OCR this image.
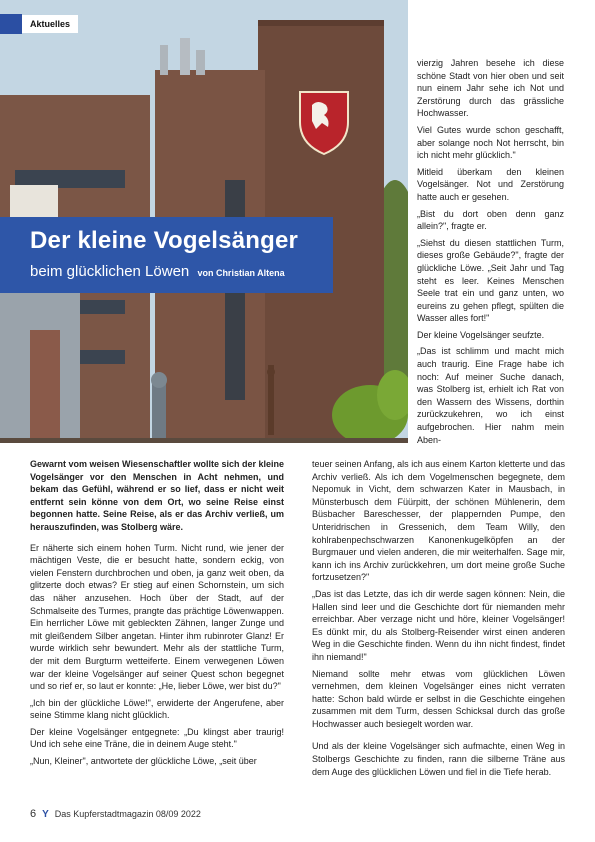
Aktuelles
Der kleine Vogelsänger
beim glücklichen Löwen von Christian Altena

vierzig Jahren besehe ich diese schöne Stadt von hier oben und seit nun einem Jahr sehe ich Not und Zerstörung durch das grässliche Hochwasser.

Viel Gutes wurde schon geschafft, aber solange noch Not herrscht, bin ich nicht mehr glücklich."

Mitleid überkam den kleinen Vogelsänger. Not und Zerstörung hatte auch er gesehen.

„Bist du dort oben denn ganz allein?", fragte er.

„Siehst du diesen stattlichen Turm, dieses große Gebäude?", fragte der glückliche Löwe. „Seit Jahr und Tag steht es leer. Keines Menschen Seele trat ein und ganz unten, wo eureins zu gehen pflegt, spülten die Wasser alles fort!"

Der kleine Vogelsänger seufzte.

„Das ist schlimm und macht mich auch traurig. Eine Frage habe ich noch: Auf meiner Suche danach, was Stolberg ist, erhielt ich Rat von den Wassern des Wissens, dorthin zurückzukehren, wo ich einst aufgebrochen. Hier nahm mein Aben-

Gewarnt vom weisen Wiesenschaftler wollte sich der kleine Vogelsänger vor den Menschen in Acht nehmen, und bekam das Gefühl, während er so lief, dass er nicht weit entfernt sein könne von dem Ort, wo seine Reise einst begonnen hatte. Seine Reise, als er das Archiv verließ, um herauszufinden, was Stolberg wäre.

Er näherte sich einem hohen Turm. Nicht rund, wie jener der mächtigen Veste, die er besucht hatte, sondern eckig, von vielen Fenstern durchbrochen und oben, ja ganz weit oben, da glitzerte doch etwas? Er stieg auf einen Schornstein, um sich das näher anzusehen. Hoch über der Stadt, auf der Schmalseite des Turmes, prangte das prächtige Löwenwappen. Ein herrlicher Löwe mit gebleckten Zähnen, langer Zunge und mit gleißendem Silber angetan. Hinter ihm rubinroter Glanz! Er wurde wirklich sehr bewundert. Mehr als der stattliche Turm, der mit dem Burgturm wetteiferte. Einem verwegenen Löwen war der kleine Vogelsänger auf seiner Quest schon begegnet und so rief er, so laut er konnte: „He, lieber Löwe, wer bist du?"

„Ich bin der glückliche Löwe!", erwiderte der Angerufene, aber seine Stimme klang nicht glücklich.

Der kleine Vogelsänger entgegnete: „Du klingst aber traurig! Und ich sehe eine Träne, die in deinem Auge steht."

„Nun, Kleiner", antwortete der glückliche Löwe, „seit über

teuer seinen Anfang, als ich aus einem Karton kletterte und das Archiv verließ. Als ich dem Vogelmenschen begegnete, dem Nepomuk in Vicht, dem schwarzen Kater in Mausbach, in Münsterbusch dem Füürpitt, der schönen Mühlenerin, dem Büsbacher Bareschesser, der plappernden Pumpe, den Unteridrischen in Gressenich, dem Team Willy, den kohlrabenpechschwarzen Kanonenkugelköpfen an der Burgmauer und vielen anderen, die mir weiterhalfen. Sage mir, kann ich ins Archiv zurückkehren, um dort meine große Suche fortzusetzen?"

„Das ist das Letzte, das ich dir werde sagen können: Nein, die Hallen sind leer und die Geschichte dort für niemanden mehr erreichbar. Aber verzage nicht und höre, kleiner Vogelsänger! Es dünkt mir, du als Stolberg-Reisender wirst einen anderen Weg in die Geschichte finden. Wenn du ihn nicht findest, findet ihn niemand!"

Niemand sollte mehr etwas vom glücklichen Löwen vernehmen, dem kleinen Vogelsänger eines nicht verraten hatte: Schon bald würde er selbst in die Geschichte eingehen zusammen mit dem Turm, dessen Schicksal durch das große Hochwasser auch besiegelt worden war.

Und als der kleine Vogelsänger sich aufmachte, einen Weg in Stolbergs Geschichte zu finden, rann die silberne Träne aus dem Auge des glücklichen Löwen und fiel in die Tiefe herab.

6 Y Das Kupferstadtmagazin 08/09 2022
